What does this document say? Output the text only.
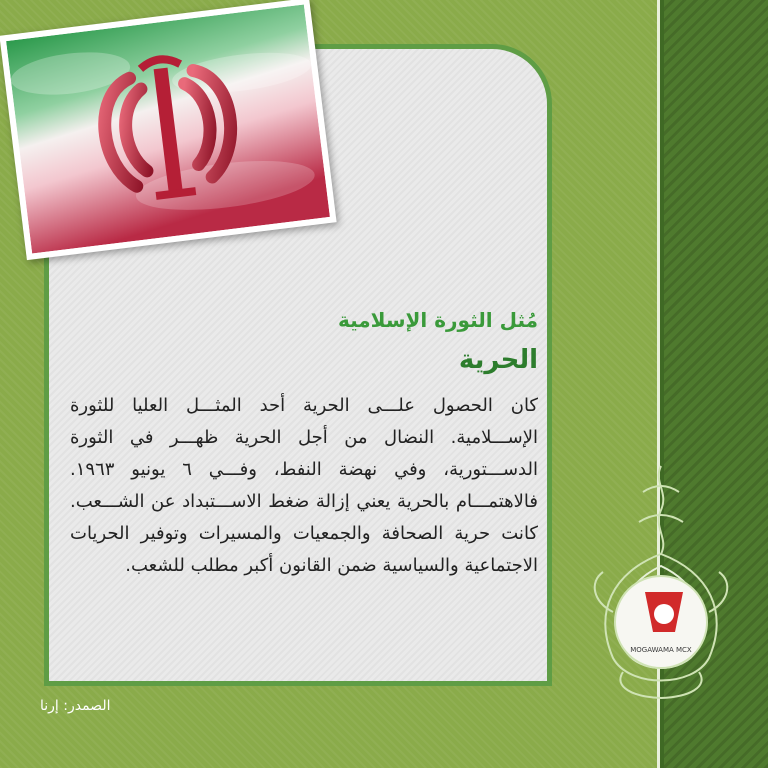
مُثل الثورة الإسلامية
الحرية
كان الحصول علـــى الحرية أحد المثـــل العليا للثورة الإســـلامية. النضال من أجل الحرية ظهـــر في الثورة الدســـتورية، وفي نهضة النفط، وفـــي ٦ يونيو ١٩٦٣. فالاهتمـــام بالحرية يعني إزالة ضغط الاســـتبداد عن الشـــعب. كانت حرية الصحافة والجمعيات والمسيرات وتوفير الحريات الاجتماعية والسياسية ضمن القانون أكبر مطلب للشعب.
الصمدر: إرنا
MOGAWAMA MCX
